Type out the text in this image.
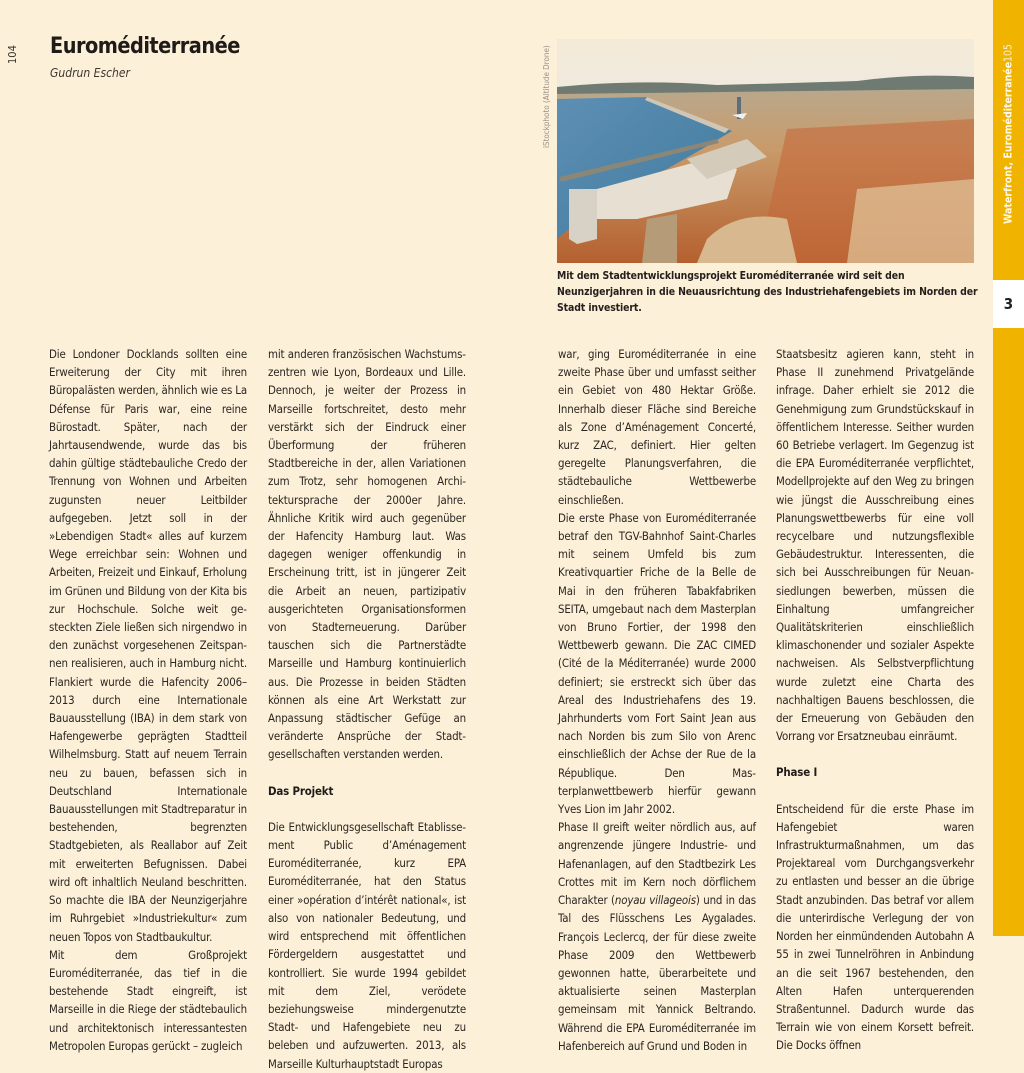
104	Euroméditerranée
Gudrun Escher	iStockphoto (Altitude Drone)
Mit dem Stadtentwicklungsprojekt Euroméditerranée wird seit den Neunzigerjahren in die Neuausrichtung des Industriehafengebiets im Norden der Stadt investiert.
Waterfront, Euroméditerranée
105
3

Die Londoner Docklands sollten eine Erweiterung der City mit ihren Büropalästen werden, ähnlich wie es La Défense für Paris war, eine reine Bürostadt. Später, nach der Jahrtausendwende, wurde das bis dahin gültige städtebauliche Credo der Trennung von Wohnen und Arbeiten zugunsten neuer Leitbilder aufgegeben. Jetzt soll in der »Lebendigen Stadt« alles auf kurzem Wege erreichbar sein: Wohnen und Arbeiten, Freizeit und Einkauf, Erholung im Grünen und Bildung von der Kita bis zur Hochschule. Solche weit gesteckten Ziele ließen sich nirgendwo in den zunächst vorgesehenen Zeitspannen realisieren, auch in Hamburg nicht. Flankiert wurde die Hafencity 2006–2013 durch eine Internationale Bauausstellung (IBA) in dem stark von Hafengewerbe geprägten Stadtteil Wilhelmsburg. Statt auf neuem Terrain neu zu bauen, befassen sich in Deutschland Internationale Bauausstellungen mit Stadtreparatur in bestehenden, begrenzten Stadtgebieten, als Reallabor auf Zeit mit erweiterten Befugnissen. Dabei wird oft inhaltlich Neuland beschritten. So machte die IBA der Neunzigerjahre im Ruhrgebiet »Industriekultur« zum neuen Topos von Stadtbaukultur.

Mit dem Großprojekt Euroméditerranée, das tief in die bestehende Stadt eingreift, ist Marseille in die Riege der städtebaulich und architektonisch interessantesten Metropolen Europas gerückt – zugleich

mit anderen französischen Wachstumszentren wie Lyon, Bordeaux und Lille. Dennoch, je weiter der Prozess in Marseille fortschreitet, desto mehr verstärkt sich der Eindruck einer Überformung der früheren Stadtbereiche in der, allen Variationen zum Trotz, sehr homogenen Architektursprache der 2000er Jahre. Ähnliche Kritik wird auch gegenüber der Hafencity Hamburg laut. Was dagegen weniger offenkundig in Erscheinung tritt, ist in jüngerer Zeit die Arbeit an neuen, partizipativ ausgerichteten Organisationsformen von Stadterneuerung. Darüber tauschen sich die Partnerstädte Marseille und Hamburg kontinuierlich aus. Die Prozesse in beiden Städten können als eine Art Werkstatt zur Anpassung städtischer Gefüge an veränderte Ansprüche der Stadtgesellschaften verstanden werden.

Das Projekt

Die Entwicklungsgesellschaft Etablissement Public d’Aménagement Euroméditerranée, kurz EPA Euroméditerranée, hat den Status einer »opération d’intérêt national«, ist also von nationaler Bedeutung, und wird entsprechend mit öffentlichen Fördergeldern ausgestattet und kontrolliert. Sie wurde 1994 gebildet mit dem Ziel, verödete beziehungsweise mindergenutzte Stadt- und Hafengebiete neu zu beleben und aufzuwerten. 2013, als Marseille Kulturhauptstadt Europas

war, ging Euroméditerranée in eine zweite Phase über und umfasst seither ein Gebiet von 480 Hektar Größe. Innerhalb dieser Fläche sind Bereiche als Zone d’Aménagement Concerté, kurz ZAC, definiert. Hier gelten geregelte Planungsverfahren, die städtebauliche Wettbewerbe einschließen.

Die erste Phase von Euroméditerranée betraf den TGV-Bahnhof Saint-Charles mit seinem Umfeld bis zum Kreativquartier Friche de la Belle de Mai in den früheren Tabakfabriken SEITA, umgebaut nach dem Masterplan von Bruno Fortier, der 1998 den Wettbewerb gewann. Die ZAC CIMED (Cité de la Méditerranée) wurde 2000 definiert; sie erstreckt sich über das Areal des Industriehafens des 19. Jahrhunderts vom Fort Saint Jean aus nach Norden bis zum Silo von Arenc einschließlich der Achse der Rue de la République. Den Masterplanwettbewerb hierfür gewann Yves Lion im Jahr 2002.

Phase II greift weiter nördlich aus, auf angrenzende jüngere Industrie- und Hafenanlagen, auf den Stadtbezirk Les Crottes mit im Kern noch dörflichem Charakter (noyau villageois) und in das Tal des Flüsschens Les Aygalades. François Leclercq, der für diese zweite Phase 2009 den Wettbewerb gewonnen hatte, überarbeitete und aktualisierte seinen Masterplan gemeinsam mit Yannick Beltrando. Während die EPA Euroméditerranée im Hafenbereich auf Grund und Boden in

Staatsbesitz agieren kann, steht in Phase II zunehmend Privatgelände infrage. Daher erhielt sie 2012 die Genehmigung zum Grundstückskauf in öffentlichem Interesse. Seither wurden 60 Betriebe verlagert. Im Gegenzug ist die EPA Euroméditerranée verpflichtet, Modellprojekte auf den Weg zu bringen wie jüngst die Ausschreibung eines Planungswettbewerbs für eine voll recycelbare und nutzungsflexible Gebäudestruktur. Interessenten, die sich bei Ausschreibungen für Neuansiedlungen bewerben, müssen die Einhaltung umfangreicher Qualitätskriterien einschließlich klimaschonender und sozialer Aspekte nachweisen. Als Selbstverpflichtung wurde zuletzt eine Charta des nachhaltigen Bauens beschlossen, die der Erneuerung von Gebäuden den Vorrang vor Ersatzneubau einräumt.

Phase I

Entscheidend für die erste Phase im Hafengebiet waren Infrastrukturmaßnahmen, um das Projektareal vom Durchgangsverkehr zu entlasten und besser an die übrige Stadt anzubinden. Das betraf vor allem die unterirdische Verlegung der von Norden her einmündenden Autobahn A 55 in zwei Tunnelröhren in Anbindung an die seit 1967 bestehenden, den Alten Hafen unterquerenden Straßentunnel. Dadurch wurde das Terrain wie von einem Korsett befreit. Die Docks öffnen
